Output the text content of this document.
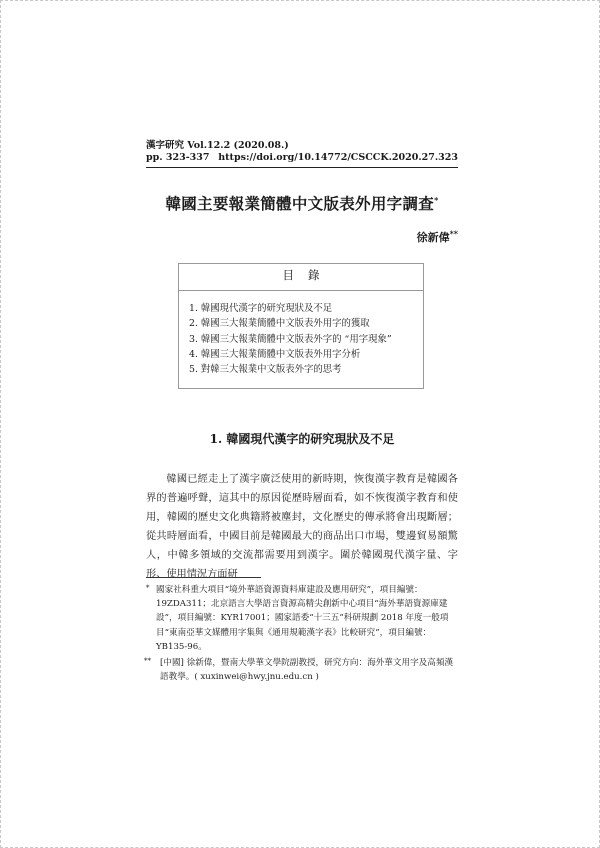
漢字研究 Vol.12.2 (2020.08.)
pp. 323-337 https://doi.org/10.14772/CSCCK.2020.27.323
韓國主要報業簡體中文版表外用字調查*
徐新偉**
目錄
1. 韓國現代漢字的研究現狀及不足
2. 韓國三大報業簡體中文版表外用字的獲取
3. 韓國三大報業簡體中文版表外字的 “用字現象”
4. 韓國三大報業簡體中文版表外用字分析
5. 對韓三大報業中文版表外字的思考
1. 韓國現代漢字的研究現狀及不足

韓國已經走上了漢字廣泛使用的新時期，恢復漢字教育是韓國各界的普遍呼聲，這其中的原因從歷時層面看，如不恢復漢字教育和使用，韓國的歷史文化典籍將被塵封，文化歷史的傳承將會出現斷層；從共時層面看，中國目前是韓國最大的商品出口市場，雙邊貿易額驚人，中韓多領域的交流都需要用到漢字。圍於韓國現代漢字量、字形、使用情況方面研

* 國家社科重大項目“境外華語資源資料庫建設及應用研究”，項目編號：19ZDA311；北京語言大學語言資源高精尖創新中心項目“海外華語資源庫建設”，項目編號：KYR17001；國家語委“十三五”科研規劃 2018 年度一般項目“東南亞華文媒體用字集與《通用規範漢字表》比較研究”，項目編號：YB135-96。
** [中國] 徐新偉，暨南大學華文學院副教授，研究方向：海外華文用字及高頻漢語教學。( xuxinwei@hwy.jnu.edu.cn )
